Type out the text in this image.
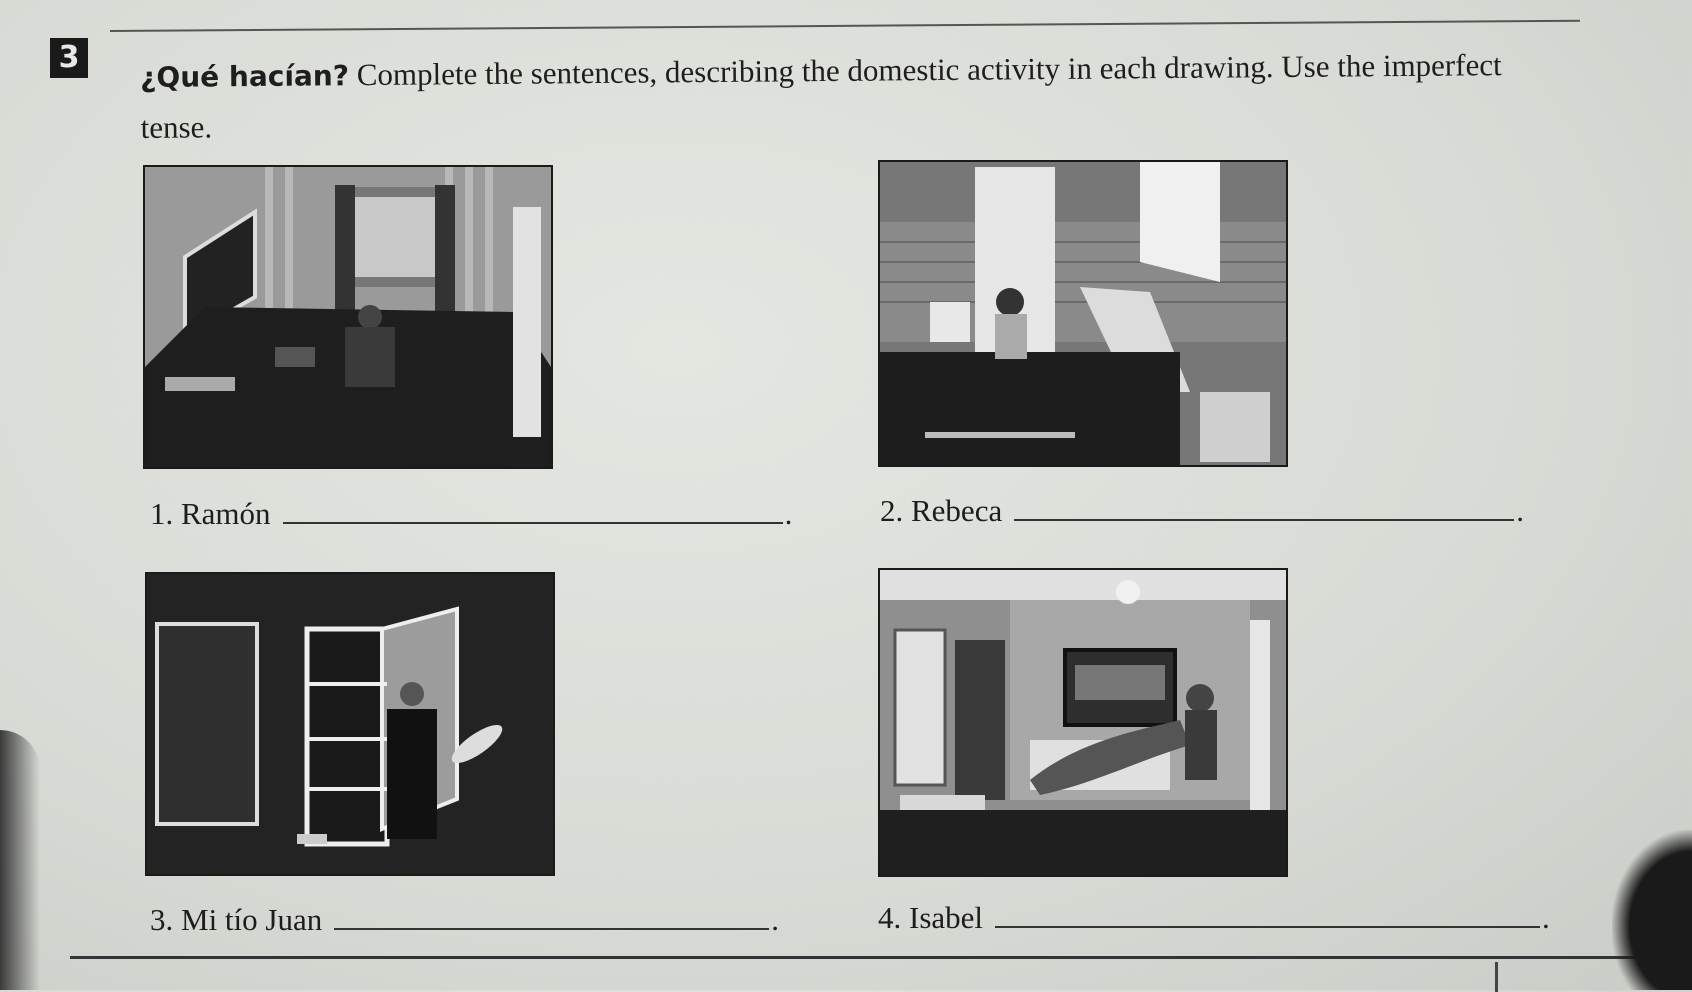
3
¿Qué hacían? Complete the sentences, describing the domestic activity in each drawing. Use the imperfect tense.
1. Ramón	.	2. Rebeca	.
3. Mi tío Juan	.	4. Isabel	.
